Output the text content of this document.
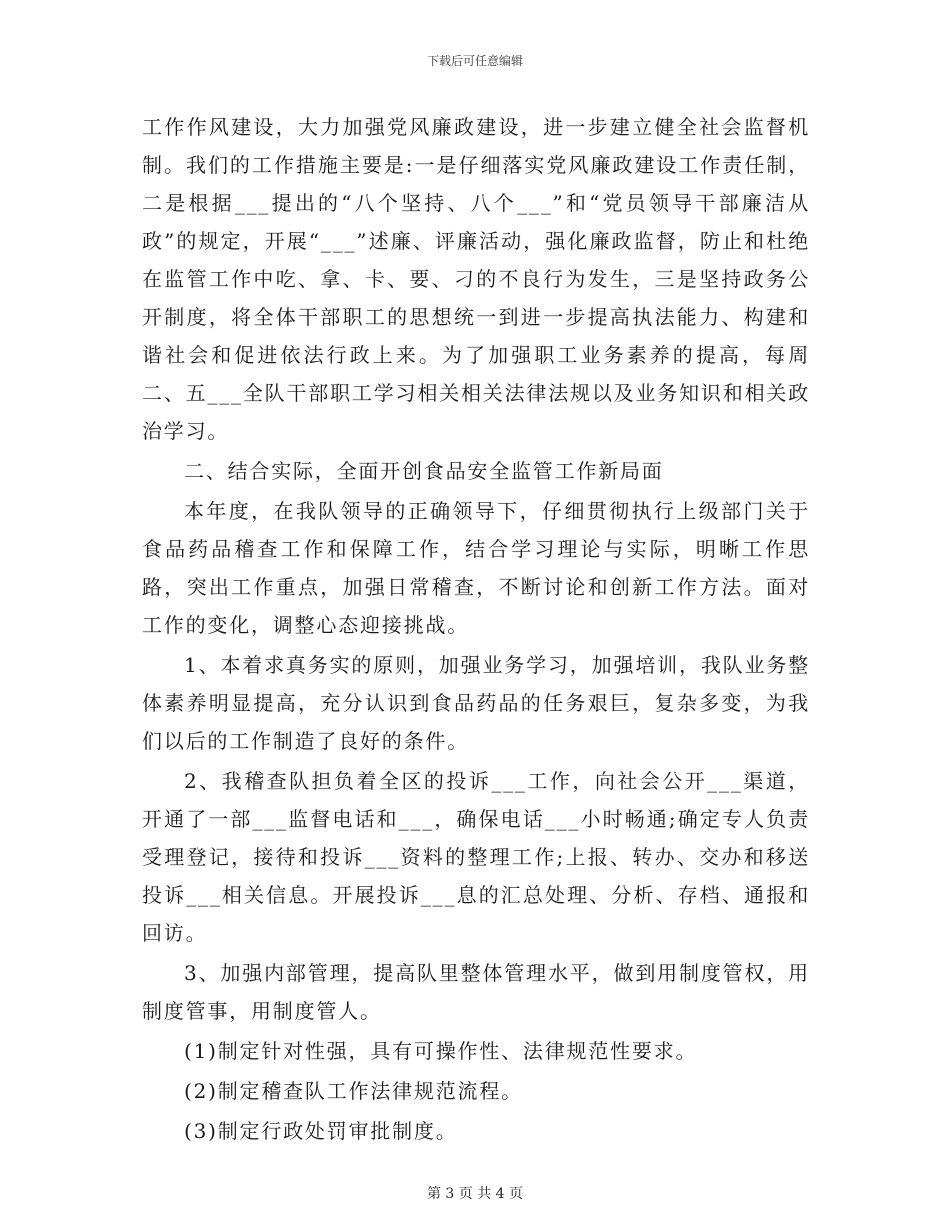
下载后可任意编辑

工作作风建设，大力加强党风廉政建设，进一步建立健全社会监督机制。我们的工作措施主要是:一是仔细落实党风廉政建设工作责任制，二是根据___提出的“八个坚持、八个___”和“党员领导干部廉洁从政”的规定，开展“___”述廉、评廉活动，强化廉政监督，防止和杜绝在监管工作中吃、拿、卡、要、刁的不良行为发生，三是坚持政务公开制度，将全体干部职工的思想统一到进一步提高执法能力、构建和谐社会和促进依法行政上来。为了加强职工业务素养的提高，每周二、五___全队干部职工学习相关相关法律法规以及业务知识和相关政治学习。

二、结合实际，全面开创食品安全监管工作新局面

本年度，在我队领导的正确领导下，仔细贯彻执行上级部门关于食品药品稽查工作和保障工作，结合学习理论与实际，明晰工作思路，突出工作重点，加强日常稽查，不断讨论和创新工作方法。面对工作的变化，调整心态迎接挑战。

1、本着求真务实的原则，加强业务学习，加强培训，我队业务整体素养明显提高，充分认识到食品药品的任务艰巨，复杂多变，为我们以后的工作制造了良好的条件。

2、我稽查队担负着全区的投诉___工作，向社会公开___渠道，开通了一部___监督电话和___，确保电话___小时畅通;确定专人负责受理登记，接待和投诉___资料的整理工作;上报、转办、交办和移送投诉___相关信息。开展投诉___息的汇总处理、分析、存档、通报和回访。

3、加强内部管理，提高队里整体管理水平，做到用制度管权，用制度管事，用制度管人。

(1)制定针对性强，具有可操作性、法律规范性要求。

(2)制定稽查队工作法律规范流程。

(3)制定行政处罚审批制度。

第 3 页 共 4 页
